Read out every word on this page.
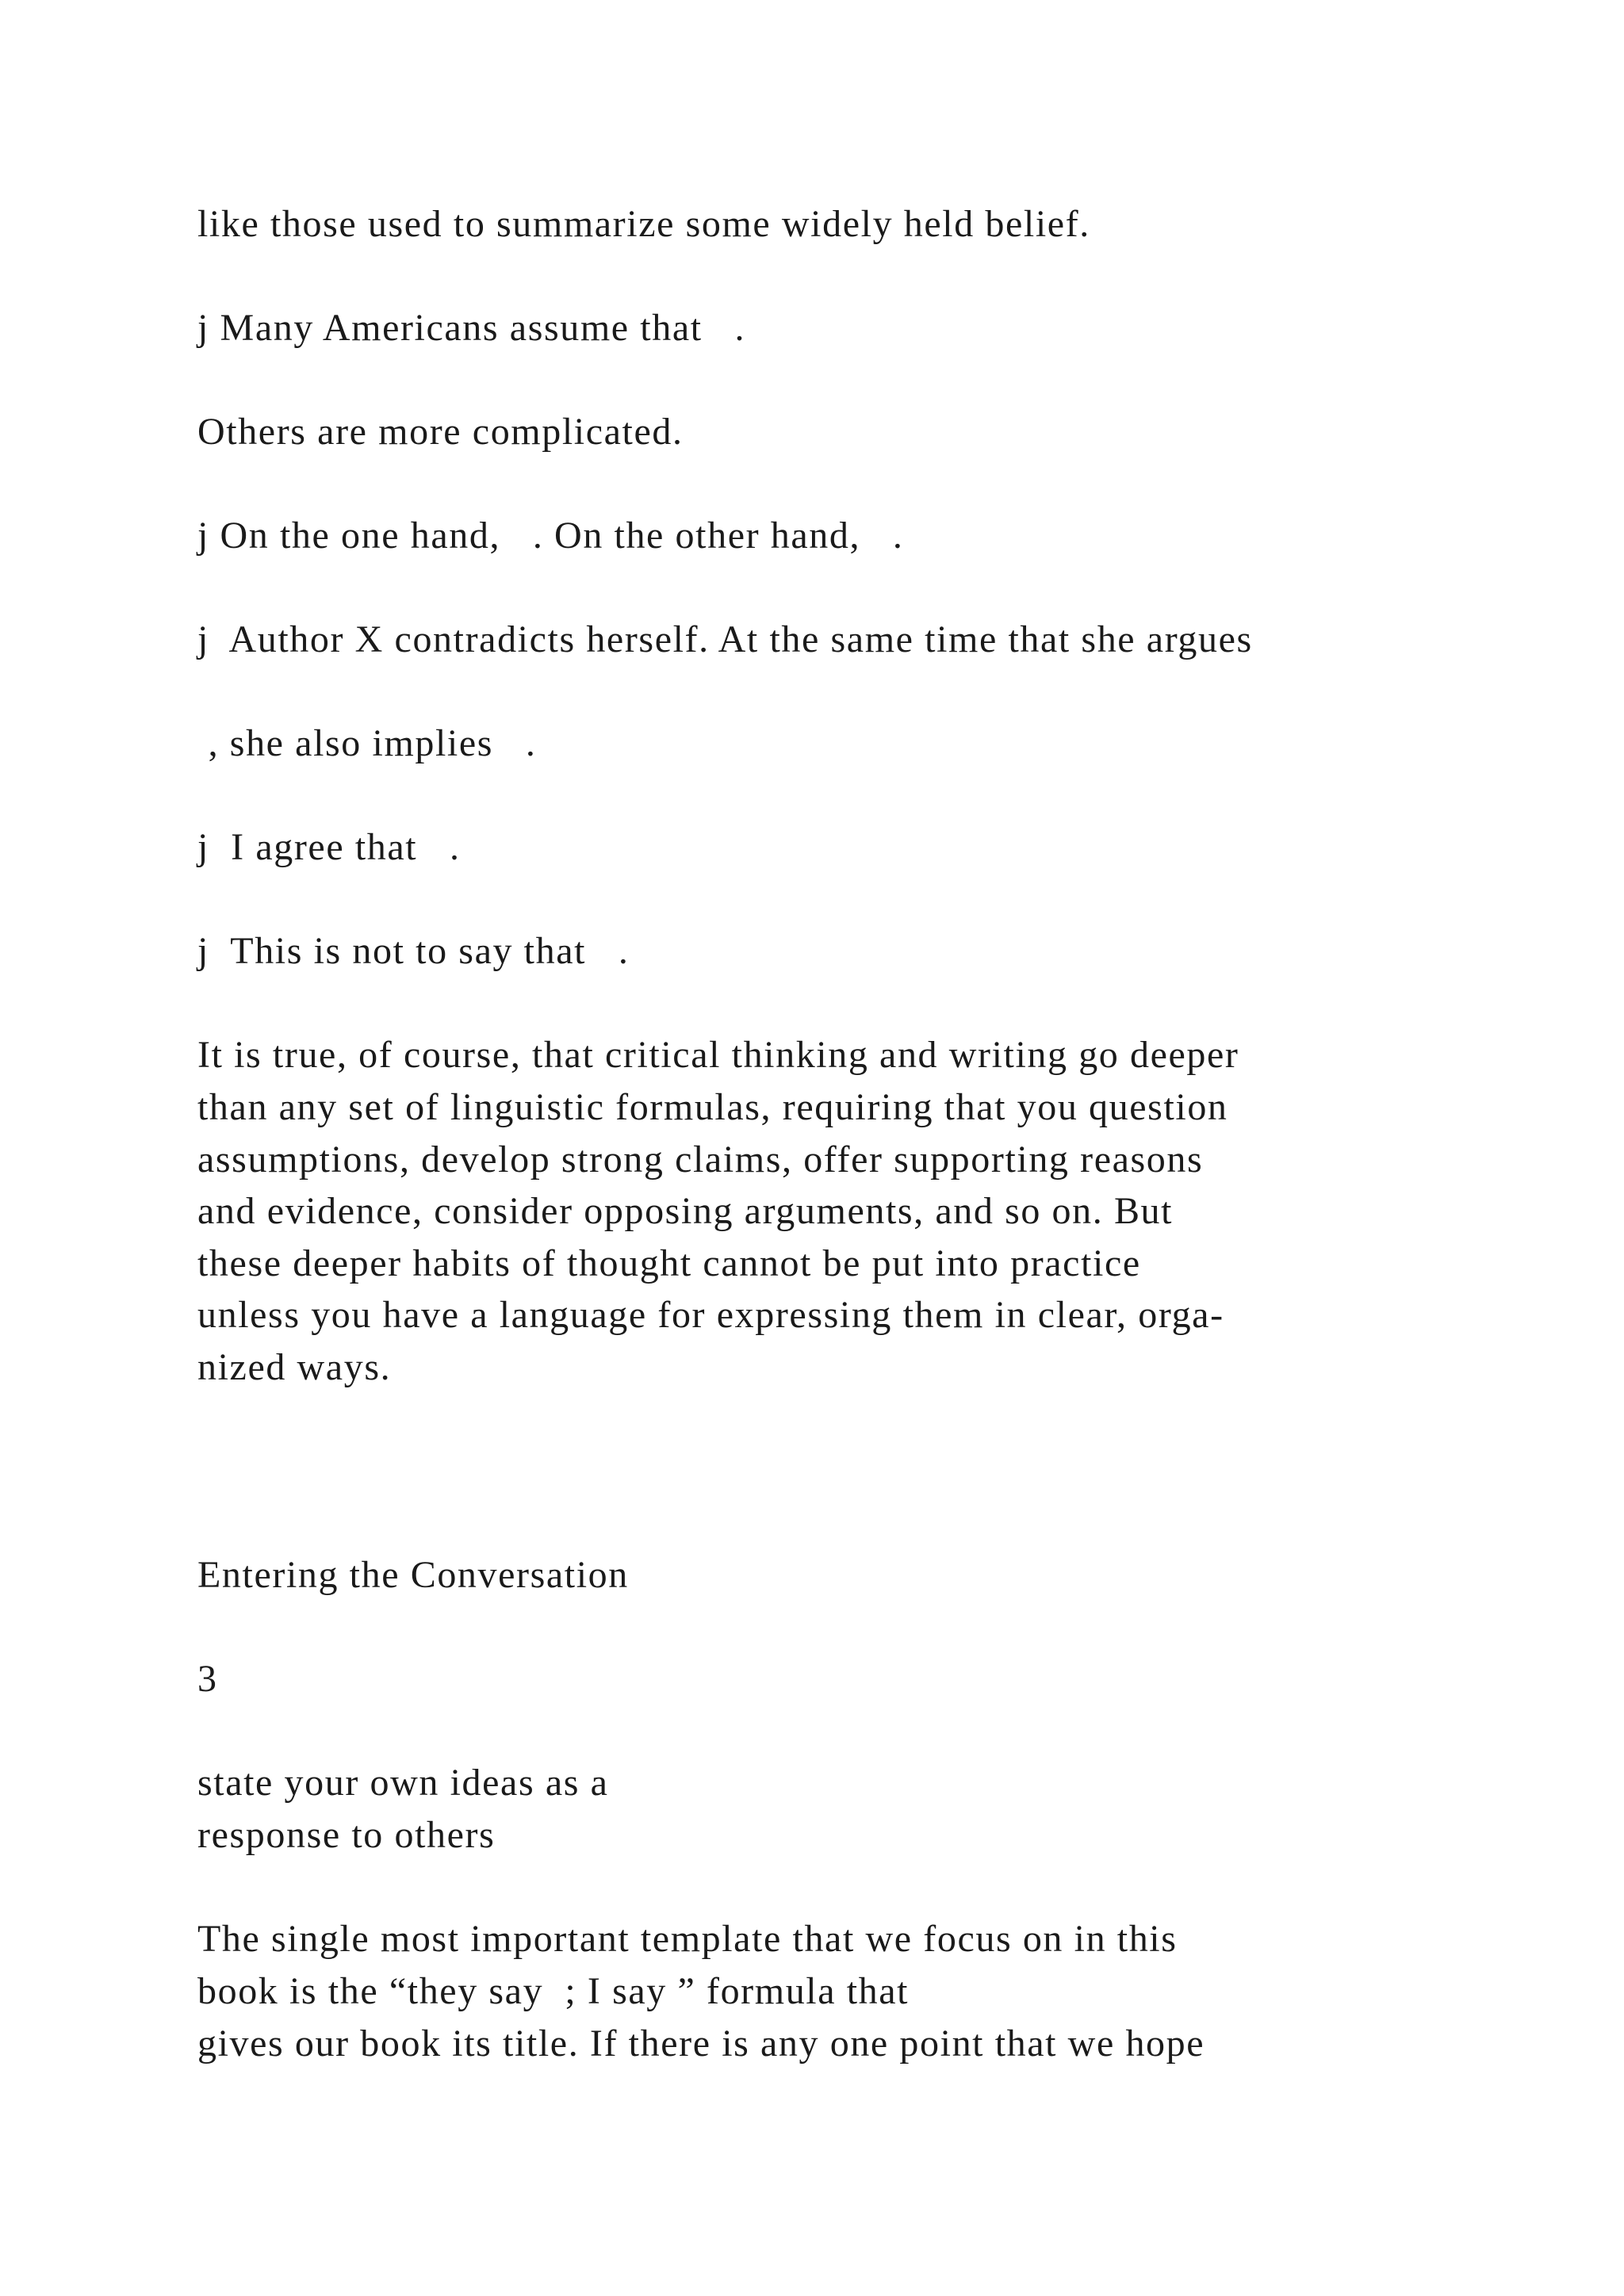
like those used to summarize some widely held belief.

j Many Americans assume that   .

Others are more complicated.

j On the one hand,   . On the other hand,   .

j  Author X contradicts herself. At the same time that she argues

, she also implies   .

j  I agree that   .

j  This is not to say that   .

It is true, of course, that critical thinking and writing go deeper

than any set of linguistic formulas, requiring that you question

assumptions, develop strong claims, offer supporting reasons

and evidence, consider opposing arguments, and so on. But

these deeper habits of thought cannot be put into practice

unless you have a language for expressing them in clear, orga-

nized ways.

Entering the Conversation

3

state your own ideas as a

response to others

The single most important template that we focus on in this

book is the “they say  ; I say ” formula that

gives our book its title. If there is any one point that we hope
